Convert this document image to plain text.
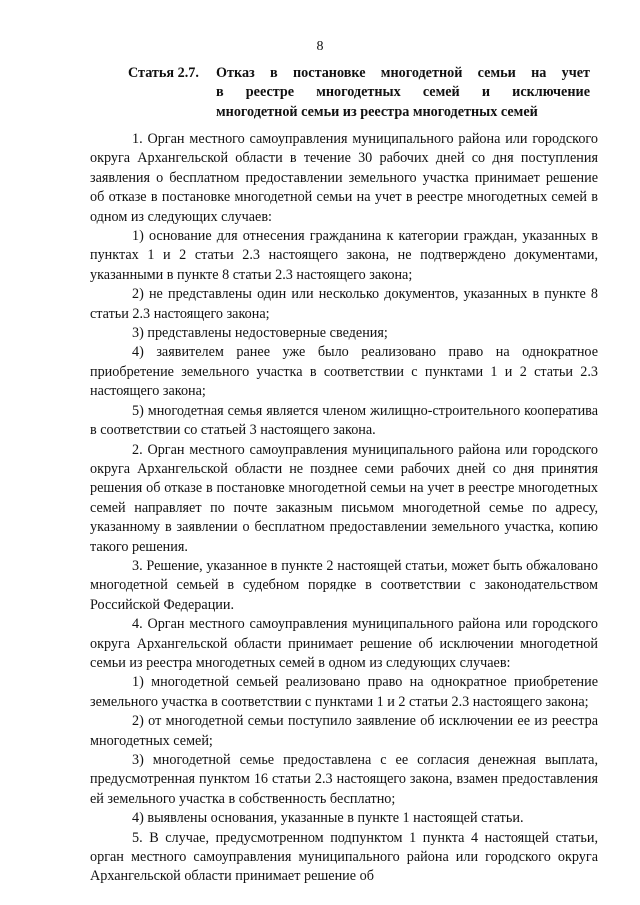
8
Статья 2.7.	Отказ в постановке многодетной семьи на учет
в реестре многодетных семей и исключение
многодетной семьи из реестра многодетных семей

1. Орган местного самоуправления муниципального района или городского округа Архангельской области в течение 30 рабочих дней со дня поступления заявления о бесплатном предоставлении земельного участка принимает решение об отказе в постановке многодетной семьи на учет в реестре многодетных семей в одном из следующих случаев:

1) основание для отнесения гражданина к категории граждан, указанных в пунктах 1 и 2 статьи 2.3 настоящего закона, не подтверждено документами, указанными в пункте 8 статьи 2.3 настоящего закона;

2) не представлены один или несколько документов, указанных в пункте 8 статьи 2.3 настоящего закона;

3) представлены недостоверные сведения;

4) заявителем ранее уже было реализовано право на однократное приобретение земельного участка в соответствии с пунктами 1 и 2 статьи 2.3 настоящего закона;

5) многодетная семья является членом жилищно-строительного кооператива в соответствии со статьей 3 настоящего закона.

2. Орган местного самоуправления муниципального района или городского округа Архангельской области не позднее семи рабочих дней со дня принятия решения об отказе в постановке многодетной семьи на учет в реестре многодетных семей направляет по почте заказным письмом многодетной семье по адресу, указанному в заявлении о бесплатном предоставлении земельного участка, копию такого решения.

3. Решение, указанное в пункте 2 настоящей статьи, может быть обжаловано многодетной семьей в судебном порядке в соответствии с законодательством Российской Федерации.

4. Орган местного самоуправления муниципального района или городского округа Архангельской области принимает решение об исключении многодетной семьи из реестра многодетных семей в одном из следующих случаев:

1) многодетной семьей реализовано право на однократное приобретение земельного участка в соответствии с пунктами 1 и 2 статьи 2.3 настоящего закона;

2) от многодетной семьи поступило заявление об исключении ее из реестра многодетных семей;

3) многодетной семье предоставлена с ее согласия денежная выплата, предусмотренная пунктом 16 статьи 2.3 настоящего закона, взамен предоставления ей земельного участка в собственность бесплатно;

4) выявлены основания, указанные в пункте 1 настоящей статьи.

5. В случае, предусмотренном подпунктом 1 пункта 4 настоящей статьи, орган местного самоуправления муниципального района или городского округа Архангельской области принимает решение об
